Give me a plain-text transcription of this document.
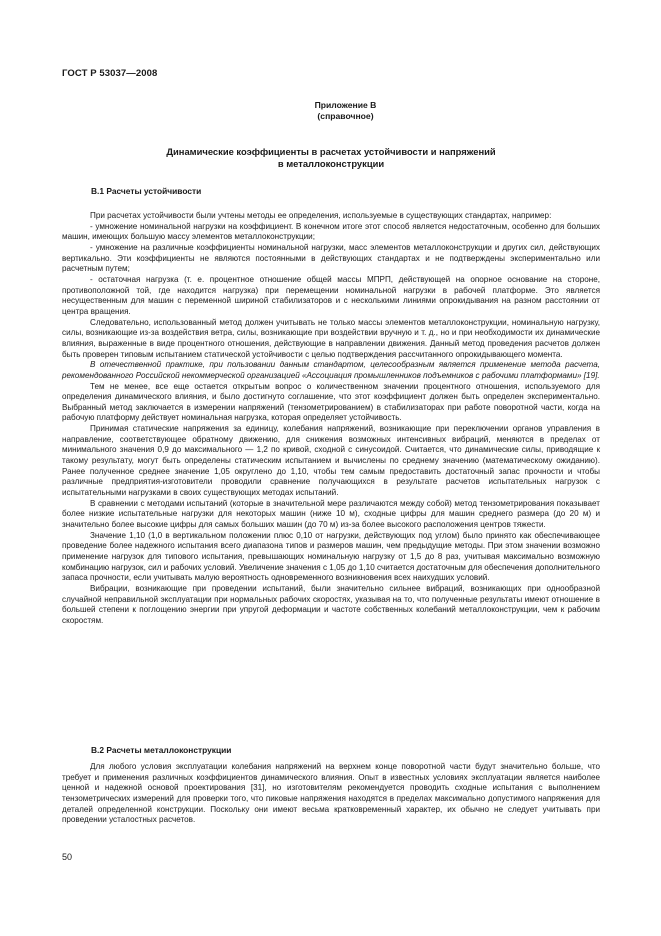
ГОСТ Р 53037—2008
Приложение В
(справочное)
Динамические коэффициенты в расчетах устойчивости и напряжений
в металлоконструкции
В.1 Расчеты устойчивости

При расчетах устойчивости были учтены методы ее определения, используемые в существующих стандартах, например:

- умножение номинальной нагрузки на коэффициент. В конечном итоге этот способ является недостаточным, особенно для больших машин, имеющих большую массу элементов металлоконструкции;

- умножение на различные коэффициенты номинальной нагрузки, масс элементов металлоконструкции и других сил, действующих вертикально. Эти коэффициенты не являются постоянными в действующих стандартах и не подтверждены экспериментально или расчетным путем;

- остаточная нагрузка (т. е. процентное отношение общей массы МПРП, действующей на опорное основание на стороне, противоположной той, где находится нагрузка) при перемещении номинальной нагрузки в рабочей платформе. Это является несущественным для машин с переменной шириной стабилизаторов и с несколькими линиями опрокидывания на разном расстоянии от центра вращения.

Следовательно, использованный метод должен учитывать не только массы элементов металлоконструкции, номинальную нагрузку, силы, возникающие из-за воздействия ветра, силы, возникающие при воздействии вручную и т. д., но и при необходимости их динамические влияния, выраженные в виде процентного отношения, действующие в направлении движения. Данный метод проведения расчетов должен быть проверен типовым испытанием статической устойчивости с целью подтверждения рассчитанного опрокидывающего момента.

В отечественной практике, при пользовании данным стандартом, целесообразным является применение метода расчета, рекомендованного Российской некоммерческой организацией «Ассоциация промышленников подъемников с рабочими платформами» [19].

Тем не менее, все еще остается открытым вопрос о количественном значении процентного отношения, используемого для определения динамического влияния, и было достигнуто соглашение, что этот коэффициент должен быть определен экспериментально. Выбранный метод заключается в измерении напряжений (тензометрированием) в стабилизаторах при работе поворотной части, когда на рабочую платформу действует номинальная нагрузка, которая определяет устойчивость.

Принимая статические напряжения за единицу, колебания напряжений, возникающие при переключении органов управления в направление, соответствующее обратному движению, для снижения возможных интенсивных вибраций, меняются в пределах от минимального значения 0,9 до максимального — 1,2 по кривой, сходной с синусоидой. Считается, что динамические силы, приводящие к такому результату, могут быть определены статическим испытанием и вычислены по среднему значению (математическому ожиданию). Ранее полученное среднее значение 1,05 округлено до 1,10, чтобы тем самым предоставить достаточный запас прочности и чтобы различные предприятия-изготовители проводили сравнение получающихся в результате расчетов испытательных нагрузок с испытательными нагрузками в своих существующих методах испытаний.

В сравнении с методами испытаний (которые в значительной мере различаются между собой) метод тензометрирования показывает более низкие испытательные нагрузки для некоторых машин (ниже 10 м), сходные цифры для машин среднего размера (до 20 м) и значительно более высокие цифры для самых больших машин (до 70 м) из-за более высокого расположения центров тяжести.

Значение 1,10 (1,0 в вертикальном положении плюс 0,10 от нагрузки, действующих под углом) было принято как обеспечивающее проведение более надежного испытания всего диапазона типов и размеров машин, чем предыдущие методы. При этом значении возможно применение нагрузок для типового испытания, превышающих номинальную нагрузку от 1,5 до 8 раз, учитывая максимально возможную комбинацию нагрузок, сил и рабочих условий. Увеличение значения с 1,05 до 1,10 считается достаточным для обеспечения дополнительного запаса прочности, если учитывать малую вероятность одновременного возникновения всех наихудших условий.

Вибрации, возникающие при проведении испытаний, были значительно сильнее вибраций, возникающих при однообразной случайной неправильной эксплуатации при нормальных рабочих скоростях, указывая на то, что полученные результаты имеют отношение в большей степени к поглощению энергии при упругой деформации и частоте собственных колебаний металлоконструкции, чем к рабочим скоростям.

В.2 Расчеты металлоконструкции

Для любого условия эксплуатации колебания напряжений на верхнем конце поворотной части будут значительно больше, что требует и применения различных коэффициентов динамического влияния. Опыт в известных условиях эксплуатации является наиболее ценной и надежной основой проектирования [31], но изготовителям рекомендуется проводить сходные испытания с выполнением тензометрических измерений для проверки того, что пиковые напряжения находятся в пределах максимально допустимого напряжения для деталей определенной конструкции. Поскольку они имеют весьма кратковременный характер, их обычно не следует учитывать при проведении усталостных расчетов.

50
